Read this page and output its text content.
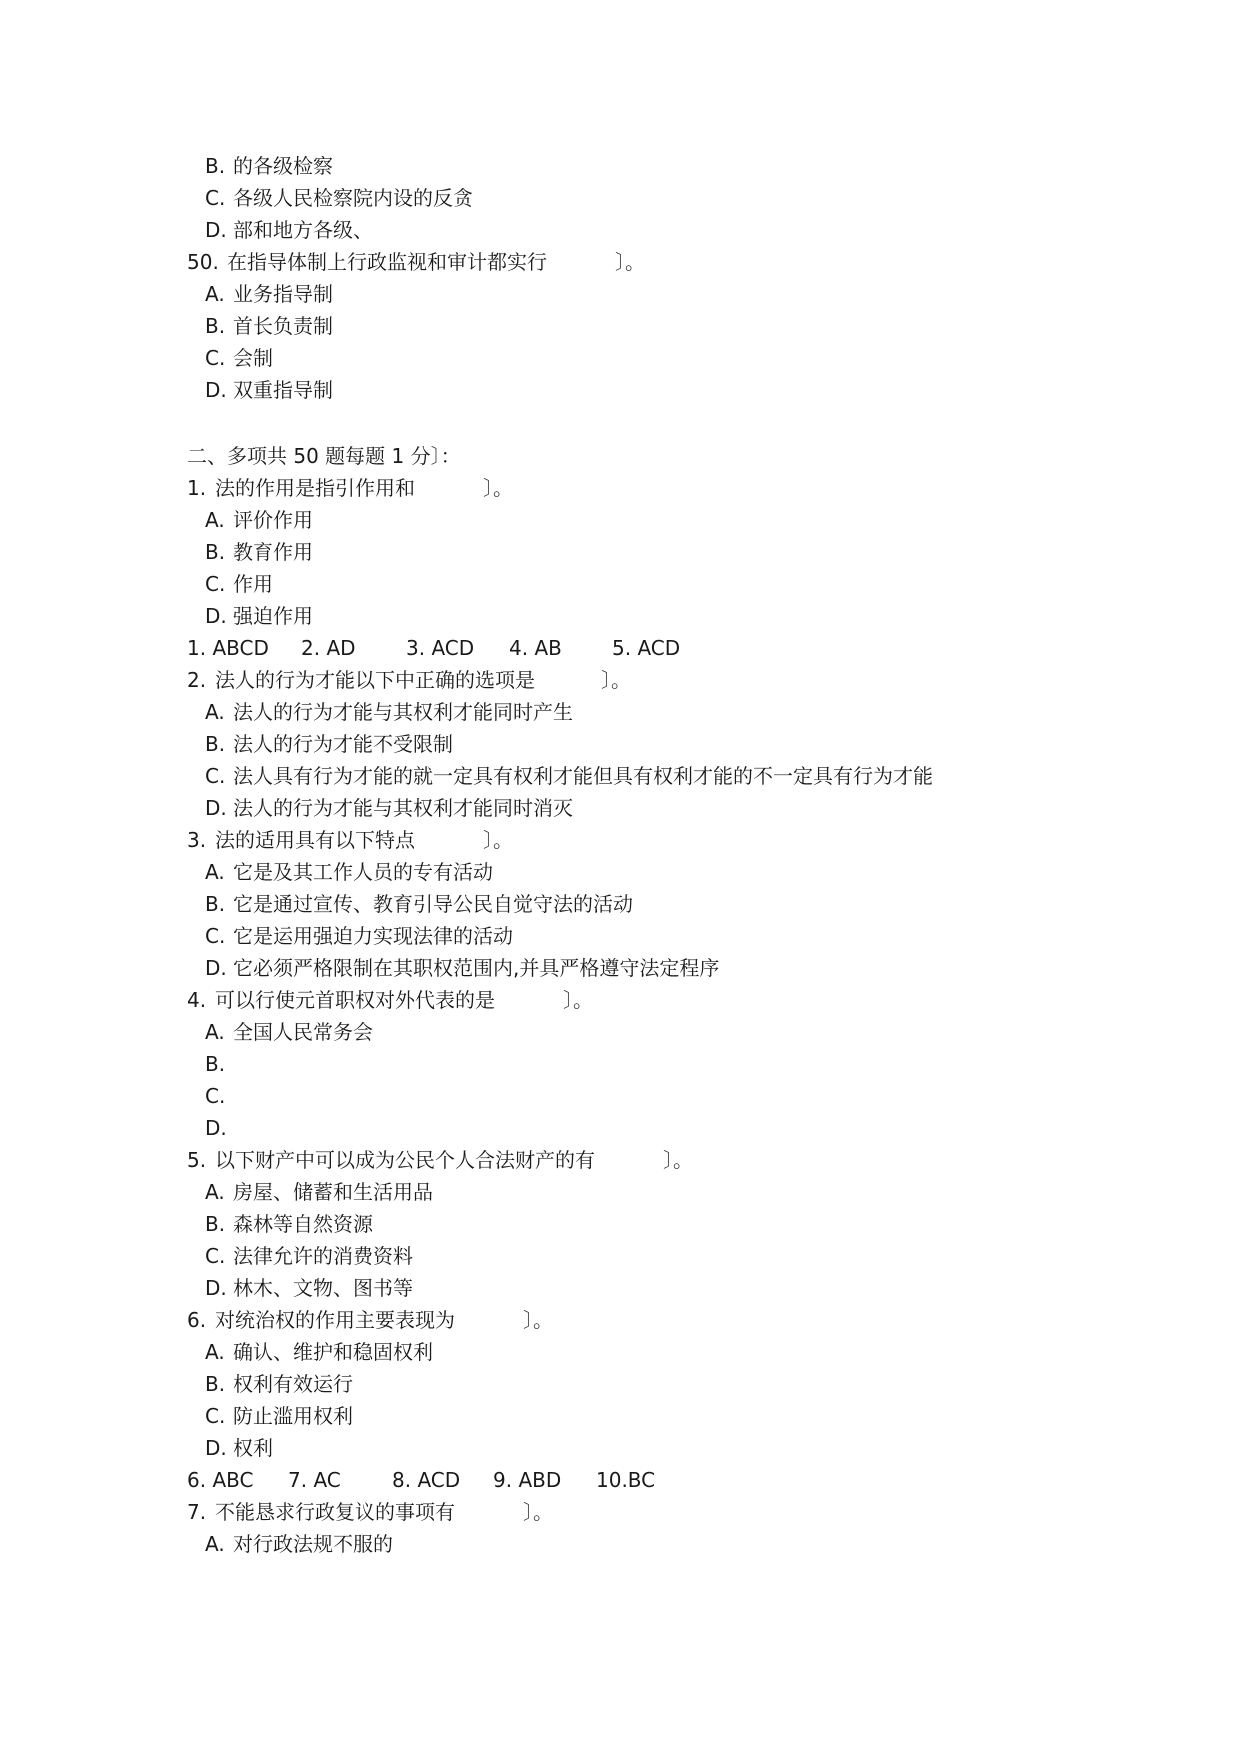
B. 的各级检察
C. 各级人民检察院内设的反贪
D. 部和地方各级、
50. 在指导体制上行政监视和审计都实行	〕。
A. 业务指导制
B. 首长负责制
C. 会制
D. 双重指导制
二、多项共 50 题每题 1 分〕：
1. 法的作用是指引作用和	〕。
A. 评价作用
B. 教育作用
C. 作用
D. 强迫作用
1. ABCD 2. AD	3. ACD 4. AB	5. ACD
2. 法人的行为才能以下中正确的选项是	〕。
A. 法人的行为才能与其权利才能同时产生
B. 法人的行为才能不受限制
C. 法人具有行为才能的就一定具有权利才能但具有权利才能的不一定具有行为才能
D. 法人的行为才能与其权利才能同时消灭
3. 法的适用具有以下特点	〕。
A. 它是及其工作人员的专有活动
B. 它是通过宣传、教育引导公民自觉守法的活动
C. 它是运用强迫力实现法律的活动
D. 它必须严格限制在其职权范围内,并具严格遵守法定程序
4. 可以行使元首职权对外代表的是	〕。
A. 全国人民常务会
B.
C.
D.
5. 以下财产中可以成为公民个人合法财产的有	〕。
A. 房屋、储蓄和生活用品
B. 森林等自然资源
C. 法律允许的消费资料
D. 林木、文物、图书等
6. 对统治权的作用主要表现为	〕。
A. 确认、维护和稳固权利
B. 权利有效运行
C. 防止滥用权利
D. 权利
6. ABC 7. AC	8. ACD 9. ABD 10.BC
7. 不能恳求行政复议的事项有	〕。
A. 对行政法规不服的
